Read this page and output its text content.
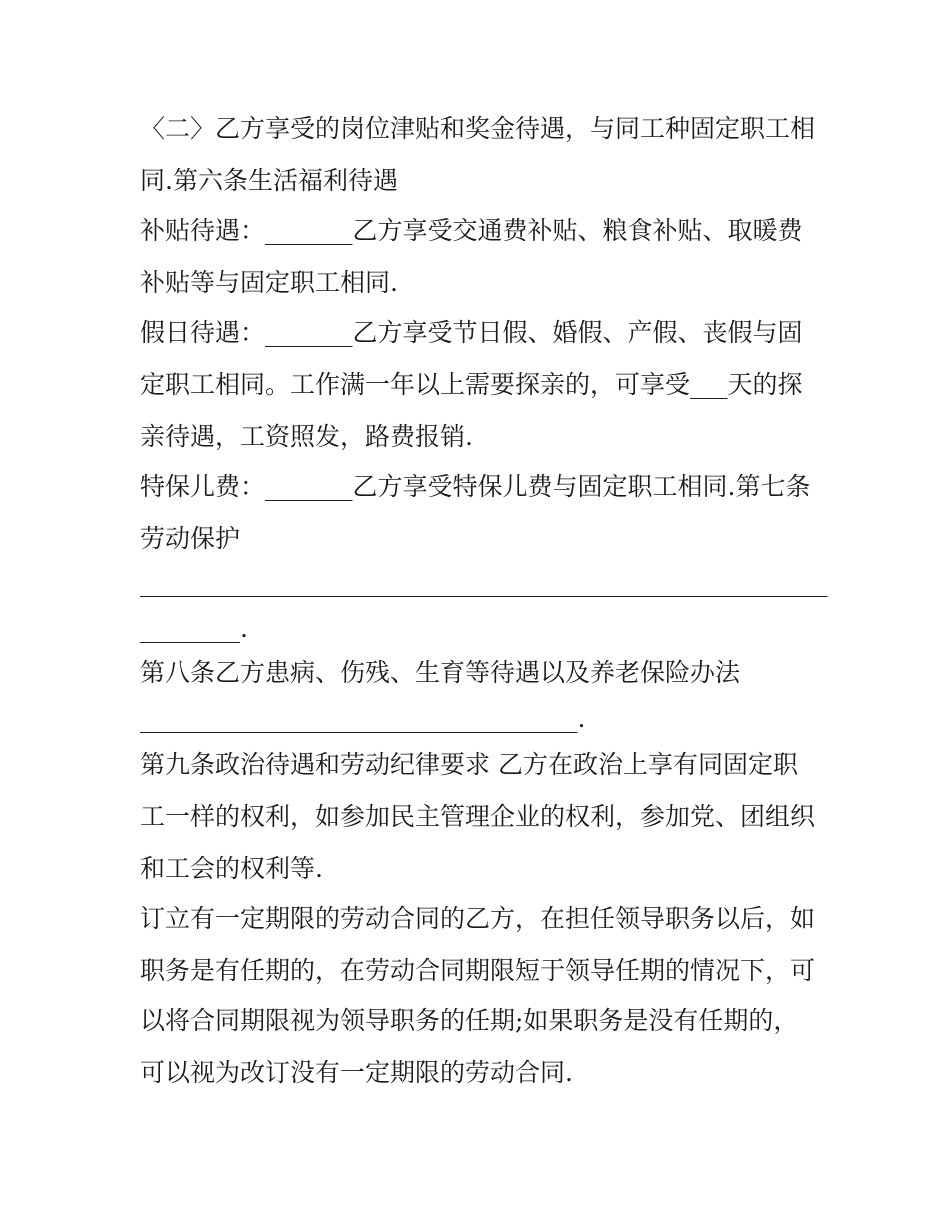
〈二〉乙方享受的岗位津贴和奖金待遇，与同工种固定职工相

同.第六条生活福利待遇

补贴待遇：_______乙方享受交通费补贴、粮食补贴、取暖费

补贴等与固定职工相同.

假日待遇：_______乙方享受节日假、婚假、产假、丧假与固

定职工相同。工作满一年以上需要探亲的，可享受___天的探

亲待遇，工资照发，路费报销.

特保儿费：_______乙方享受特保儿费与固定职工相同.第七条

劳动保护

_______________________________________________________

________.

第八条乙方患病、伤残、生育等待遇以及养老保险办法

___________________________________.

第九条政治待遇和劳动纪律要求 乙方在政治上享有同固定职

工一样的权利，如参加民主管理企业的权利，参加党、团组织

和工会的权利等.

订立有一定期限的劳动合同的乙方，在担任领导职务以后，如

职务是有任期的，在劳动合同期限短于领导任期的情况下，可

以将合同期限视为领导职务的任期;如果职务是没有任期的，

可以视为改订没有一定期限的劳动合同.
